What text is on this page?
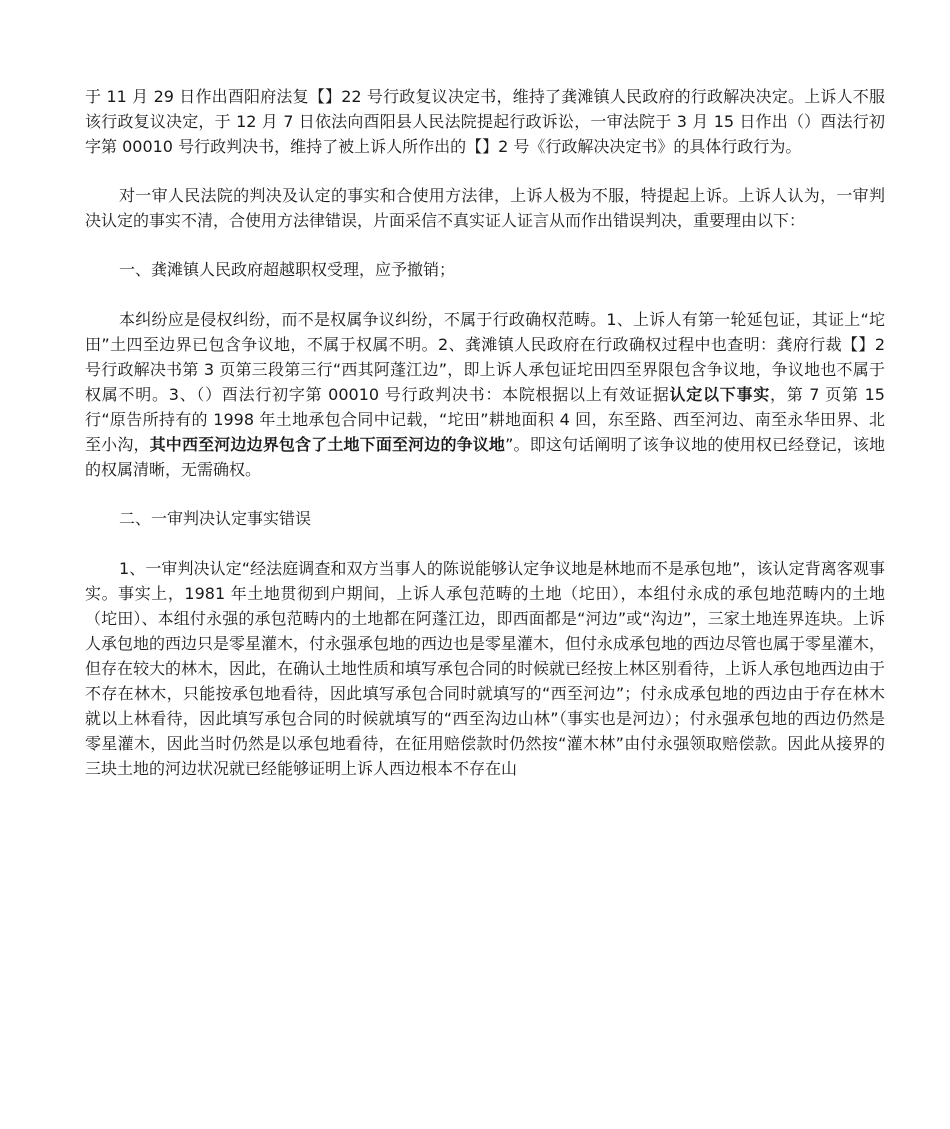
于 11 月 29 日作出酉阳府法复【】22 号行政复议决定书，维持了龚滩镇人民政府的行政解决决定。上诉人不服该行政复议决定，于 12 月 7 日依法向酉阳县人民法院提起行政诉讼，一审法院于 3 月 15 日作出（）酉法行初字第 00010 号行政判决书，维持了被上诉人所作出的【】2 号《行政解决决定书》的具体行政行为。

对一审人民法院的判决及认定的事实和合使用方法律，上诉人极为不服，特提起上诉。上诉人认为，一审判决认定的事实不清，合使用方法律错误，片面采信不真实证人证言从而作出错误判决，重要理由以下：

一、龚滩镇人民政府超越职权受理，应予撤销；

本纠纷应是侵权纠纷，而不是权属争议纠纷，不属于行政确权范畴。1、上诉人有第一轮延包证，其证上“坨田”土四至边界已包含争议地，不属于权属不明。2、龚滩镇人民政府在行政确权过程中也查明：龚府行裁【】2 号行政解决书第 3 页第三段第三行“西其阿蓬江边”，即上诉人承包证坨田四至界限包含争议地，争议地也不属于权属不明。3、（）酉法行初字第 00010 号行政判决书：本院根据以上有效证据认定以下事实，第 7 页第 15 行“原告所持有的 1998 年土地承包合同中记载，“坨田”耕地面积 4 回，东至路、西至河边、南至永华田界、北至小沟，其中西至河边边界包含了土地下面至河边的争议地”。即这句话阐明了该争议地的使用权已经登记，该地的权属清晰，无需确权。

二、一审判决认定事实错误

1、一审判决认定“经法庭调查和双方当事人的陈说能够认定争议地是林地而不是承包地”，该认定背离客观事实。事实上，1981 年土地贯彻到户期间，上诉人承包范畴的土地（坨田），本组付永成的承包地范畴内的土地（坨田）、本组付永强的承包范畴内的土地都在阿蓬江边，即西面都是“河边”或“沟边”，三家土地连界连块。上诉人承包地的西边只是零星灌木，付永强承包地的西边也是零星灌木，但付永成承包地的西边尽管也属于零星灌木，但存在较大的林木，因此，在确认土地性质和填写承包合同的时候就已经按上林区别看待，上诉人承包地西边由于不存在林木，只能按承包地看待，因此填写承包合同时就填写的“西至河边”；付永成承包地的西边由于存在林木就以上林看待，因此填写承包合同的时候就填写的“西至沟边山林”（事实也是河边）；付永强承包地的西边仍然是零星灌木，因此当时仍然是以承包地看待，在征用赔偿款时仍然按“灌木林”由付永强领取赔偿款。因此从接界的三块土地的河边状况就已经能够证明上诉人西边根本不存在山
